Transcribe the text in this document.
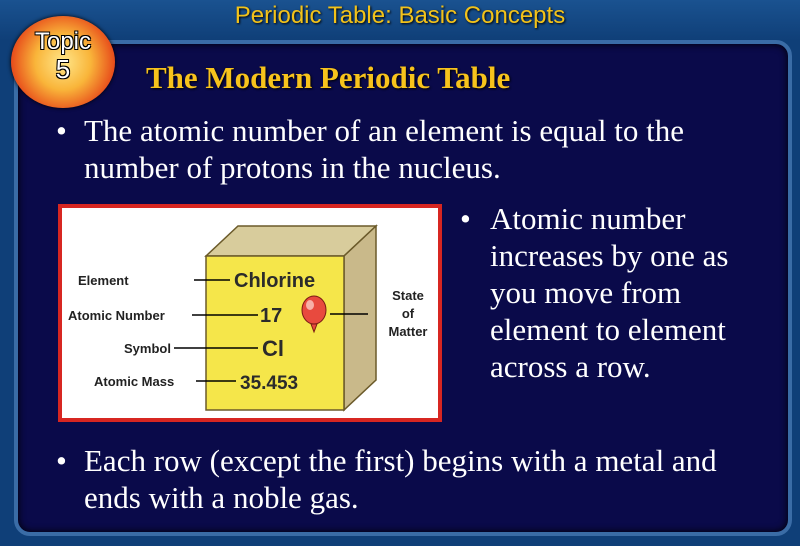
Periodic Table: Basic Concepts
Topic
5	The Modern Periodic Table
• The atomic number of an element is equal to the number of protons in the nucleus.
Element
Atomic Number
Symbol
Atomic Mass
Chlorine
17
Cl
35.453
State
of
Matter
• Atomic number increases by one as you move from element to element across a row.
• Each row (except the first) begins with a metal and ends with a noble gas.
